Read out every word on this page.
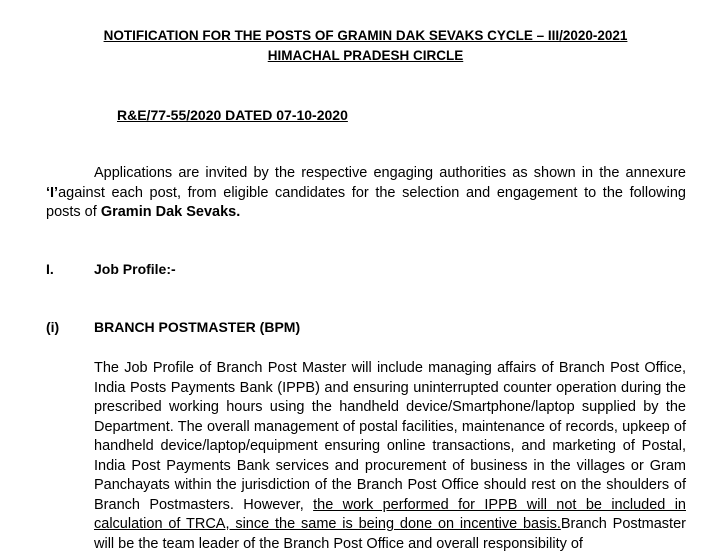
NOTIFICATION FOR THE POSTS OF GRAMIN DAK SEVAKS CYCLE – III/2020-2021
HIMACHAL PRADESH CIRCLE
R&E/77-55/2020 DATED 07-10-2020
Applications are invited by the respective engaging authorities as shown in the annexure ‘I’against each post, from eligible candidates for the selection and engagement to the following posts of Gramin Dak Sevaks.
I.	Job Profile:-
(i) BRANCH POSTMASTER (BPM)
The Job Profile of Branch Post Master will include managing affairs of Branch Post Office, India Posts Payments Bank (IPPB) and ensuring uninterrupted counter operation during the prescribed working hours using the handheld device/Smartphone/laptop supplied by the Department. The overall management of postal facilities, maintenance of records, upkeep of handheld device/laptop/equipment ensuring online transactions, and marketing of Postal, India Post Payments Bank services and procurement of business in the villages or Gram Panchayats within the jurisdiction of the Branch Post Office should rest on the shoulders of Branch Postmasters. However, the work performed for IPPB will not be included in calculation of TRCA, since the same is being done on incentive basis.Branch Postmaster will be the team leader of the Branch Post Office and overall responsibility of
